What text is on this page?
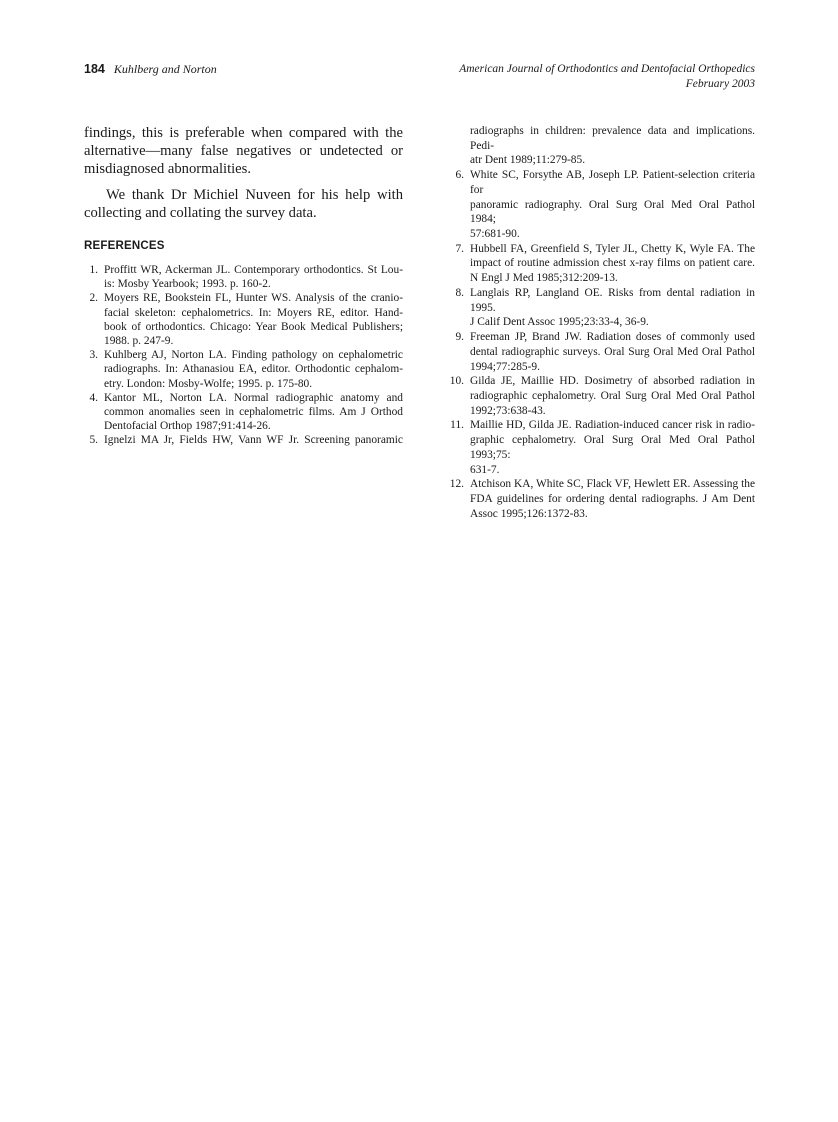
184 Kuhlberg and Norton	American Journal of Orthodontics and Dentofacial Orthopedics
February 2003
findings, this is preferable when compared with the
alternative—many false negatives or undetected or
misdiagnosed abnormalities.
We thank Dr Michiel Nuveen for his help with
collecting and collating the survey data.
REFERENCES
1. Proffitt WR, Ackerman JL. Contemporary orthodontics. St Lou-
is: Mosby Yearbook; 1993. p. 160-2.
2. Moyers RE, Bookstein FL, Hunter WS. Analysis of the cranio-
facial skeleton: cephalometrics. In: Moyers RE, editor. Hand-
book of orthodontics. Chicago: Year Book Medical Publishers;
1988. p. 247-9.
3. Kuhlberg AJ, Norton LA. Finding pathology on cephalometric
radiographs. In: Athanasiou EA, editor. Orthodontic cephalom-
etry. London: Mosby-Wolfe; 1995. p. 175-80.
4. Kantor ML, Norton LA. Normal radiographic anatomy and
common anomalies seen in cephalometric films. Am J Orthod
Dentofacial Orthop 1987;91:414-26.
5. Ignelzi MA Jr, Fields HW, Vann WF Jr. Screening panoramic
radiographs in children: prevalence data and implications. Pedi-
atr Dent 1989;11:279-85.
6. White SC, Forsythe AB, Joseph LP. Patient-selection criteria for
panoramic radiography. Oral Surg Oral Med Oral Pathol 1984;
57:681-90.
7. Hubbell FA, Greenfield S, Tyler JL, Chetty K, Wyle FA. The
impact of routine admission chest x-ray films on patient care.
N Engl J Med 1985;312:209-13.
8. Langlais RP, Langland OE. Risks from dental radiation in 1995.
J Calif Dent Assoc 1995;23:33-4, 36-9.
9. Freeman JP, Brand JW. Radiation doses of commonly used
dental radiographic surveys. Oral Surg Oral Med Oral Pathol
1994;77:285-9.
10. Gilda JE, Maillie HD. Dosimetry of absorbed radiation in
radiographic cephalometry. Oral Surg Oral Med Oral Pathol
1992;73:638-43.
11. Maillie HD, Gilda JE. Radiation-induced cancer risk in radio-
graphic cephalometry. Oral Surg Oral Med Oral Pathol 1993;75:
631-7.
12. Atchison KA, White SC, Flack VF, Hewlett ER. Assessing the
FDA guidelines for ordering dental radiographs. J Am Dent
Assoc 1995;126:1372-83.
